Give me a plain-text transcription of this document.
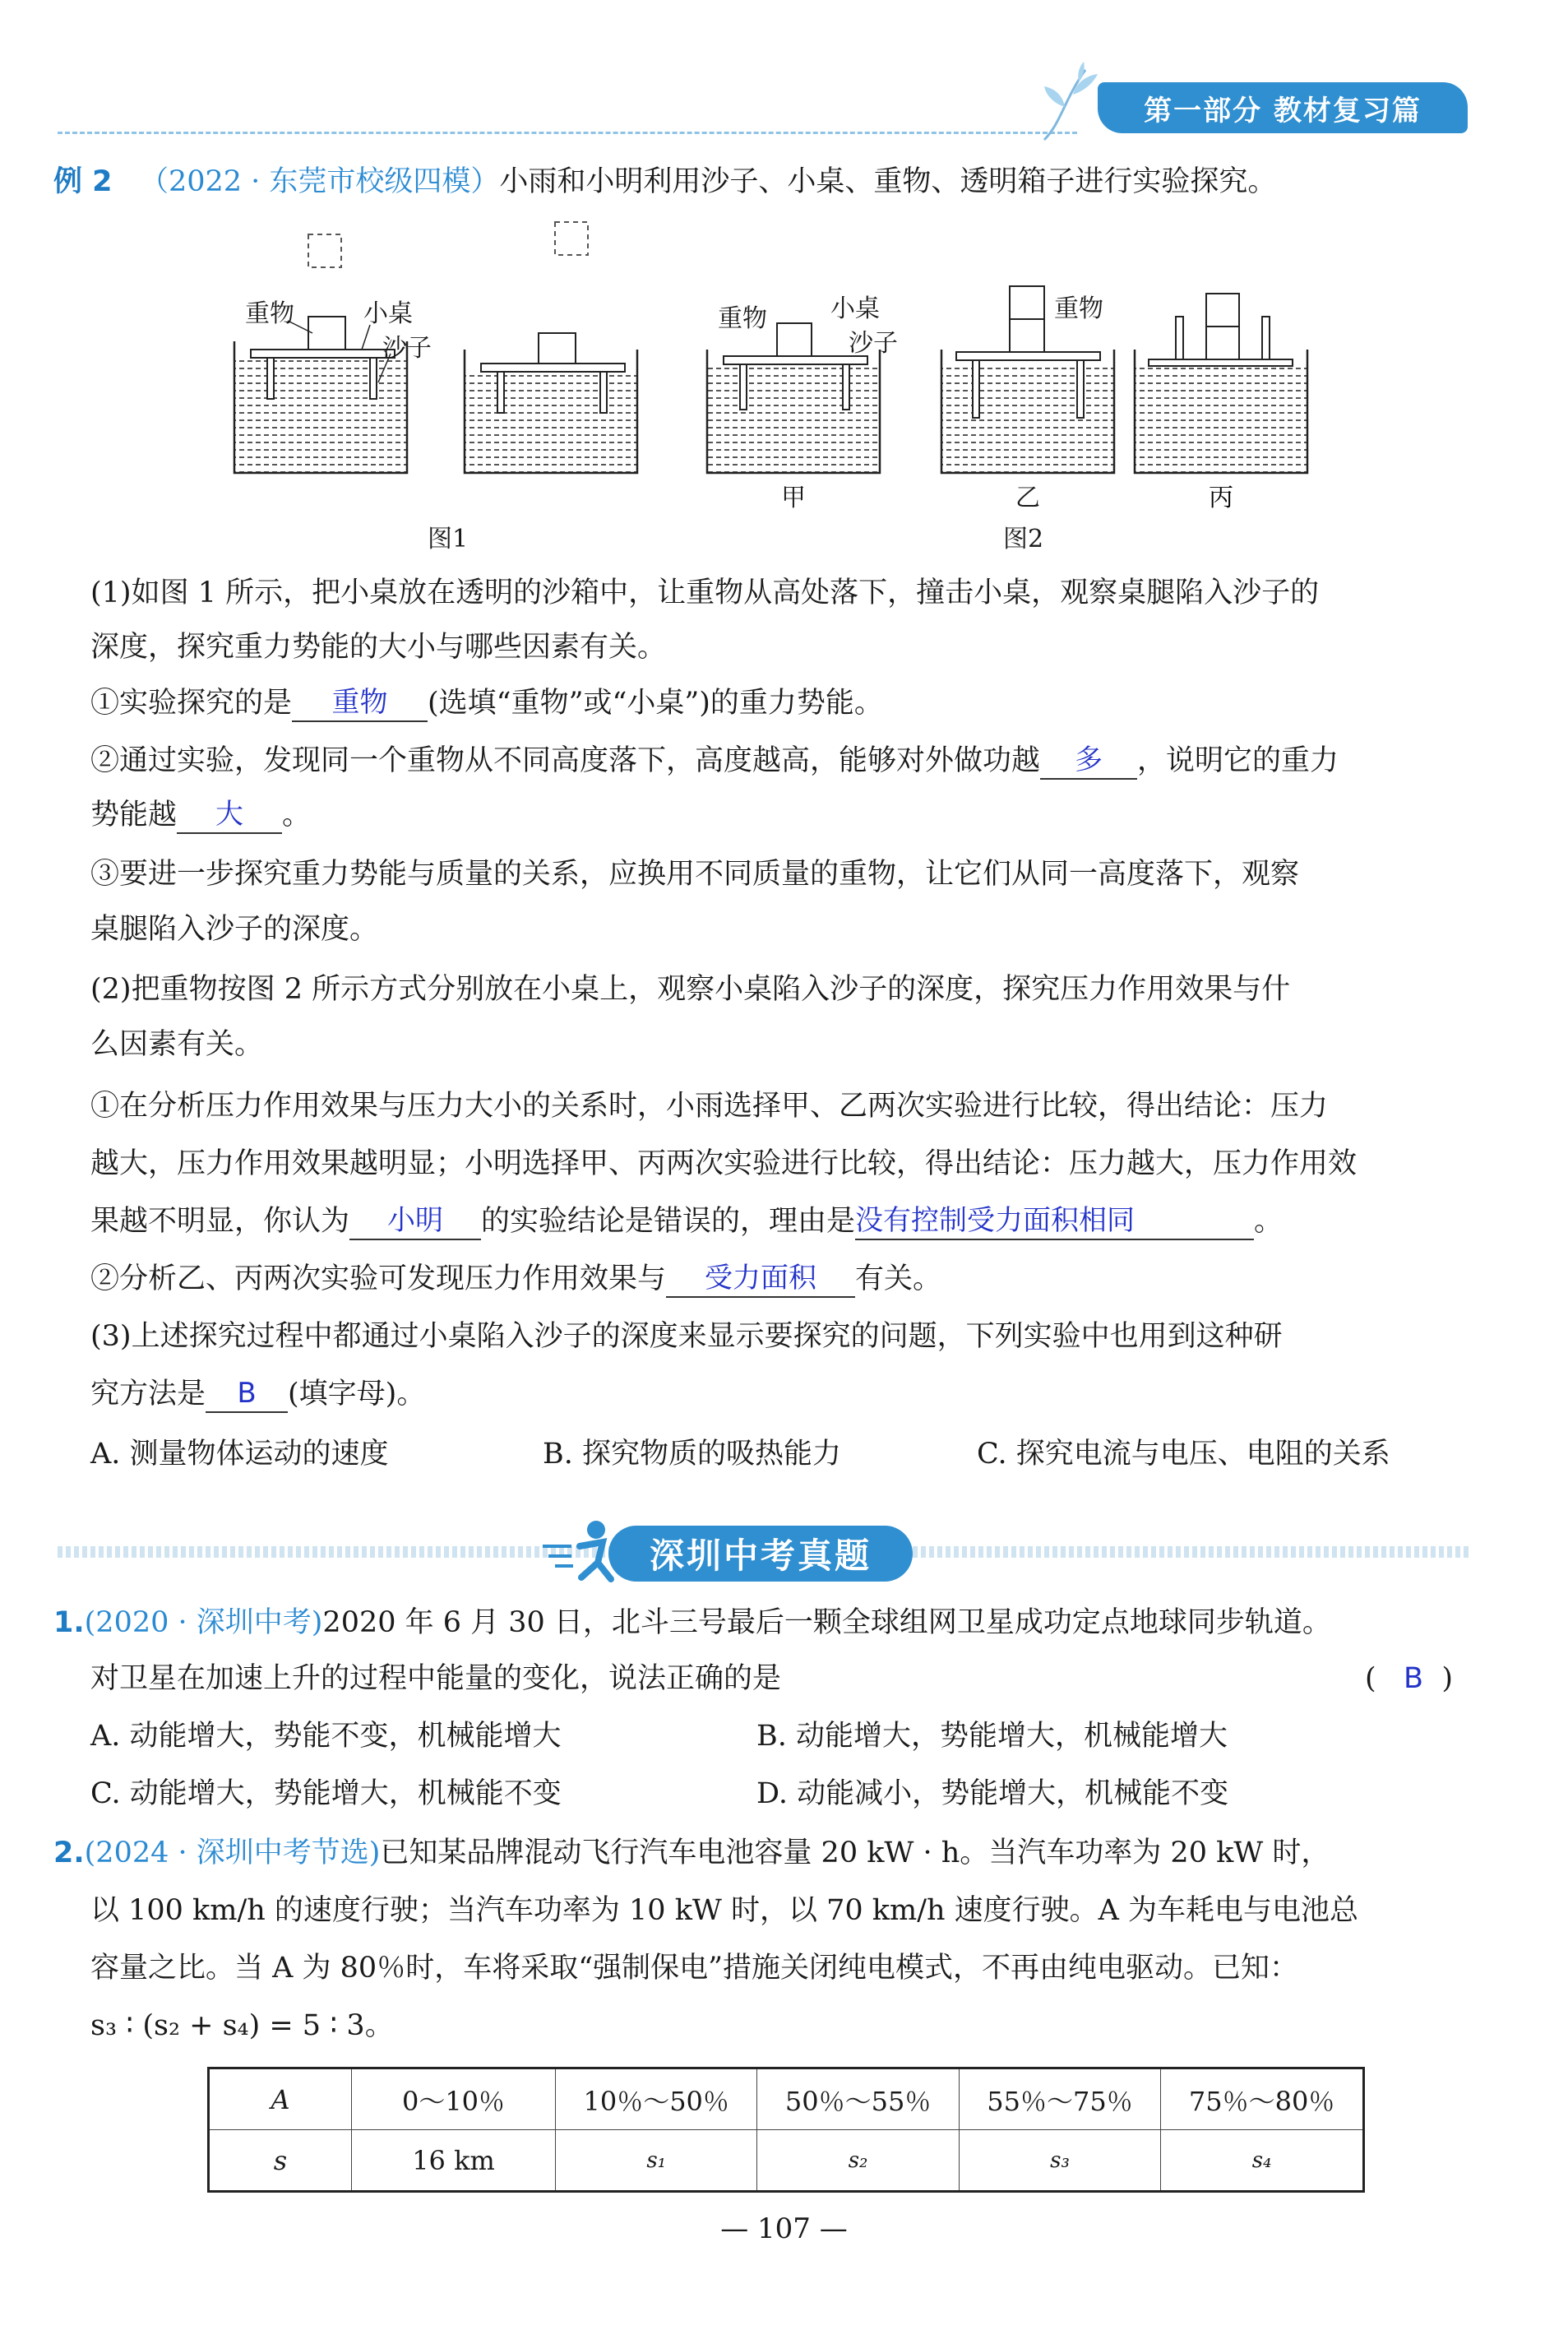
第一部分 教材复习篇
例 2 （2022 · 东莞市校级四模）小雨和小明利用沙子、小桌、重物、透明箱子进行实验探究。
重物	小桌
沙子
图1
重物	小桌
沙子
甲
重物
乙
图2
丙
(1)如图 1 所示，把小桌放在透明的沙箱中，让重物从高处落下，撞击小桌，观察桌腿陷入沙子的
深度，探究重力势能的大小与哪些因素有关。
①实验探究的是 重物 (选填“重物”或“小桌”)的重力势能。
②通过实验，发现同一个重物从不同高度落下，高度越高，能够对外做功越 多 ，说明它的重力
势能越 大 。
③要进一步探究重力势能与质量的关系，应换用不同质量的重物，让它们从同一高度落下，观察
桌腿陷入沙子的深度。
(2)把重物按图 2 所示方式分别放在小桌上，观察小桌陷入沙子的深度，探究压力作用效果与什
么因素有关。
①在分析压力作用效果与压力大小的关系时，小雨选择甲、乙两次实验进行比较，得出结论：压力
越大，压力作用效果越明显；小明选择甲、丙两次实验进行比较，得出结论：压力越大，压力作用效
果越不明显，你认为 小明 的实验结论是错误的，理由是没有控制受力面积相同	。
②分析乙、丙两次实验可发现压力作用效果与 受力面积 有关。
(3)上述探究过程中都通过小桌陷入沙子的深度来显示要探究的问题，下列实验中也用到这种研
究方法是 B (填字母)。
A. 测量物体运动的速度	B. 探究物质的吸热能力	C. 探究电流与电压、电阻的关系
深圳中考真题
1.(2020 · 深圳中考)2020 年 6 月 30 日，北斗三号最后一颗全球组网卫星成功定点地球同步轨道。
对卫星在加速上升的过程中能量的变化，说法正确的是	( B )
A. 动能增大，势能不变，机械能增大	B. 动能增大，势能增大，机械能增大
C. 动能增大，势能增大，机械能不变	D. 动能减小，势能增大，机械能不变
2.(2024 · 深圳中考节选)已知某品牌混动飞行汽车电池容量 20 kW · h。当汽车功率为 20 kW 时，
以 100 km/h 的速度行驶；当汽车功率为 10 kW 时，以 70 km/h 速度行驶。A 为车耗电与电池总
容量之比。当 A 为 80％时，车将采取“强制保电”措施关闭纯电模式，不再由纯电驱动。已知：
s₃ ∶ (s₂ + s₄) = 5 ∶ 3。
A	0～10％	10％～50％	50％～55％	55％～75％	75％～80％
s	16 km	s₁	s₂	s₃	s₄
— 107 —
